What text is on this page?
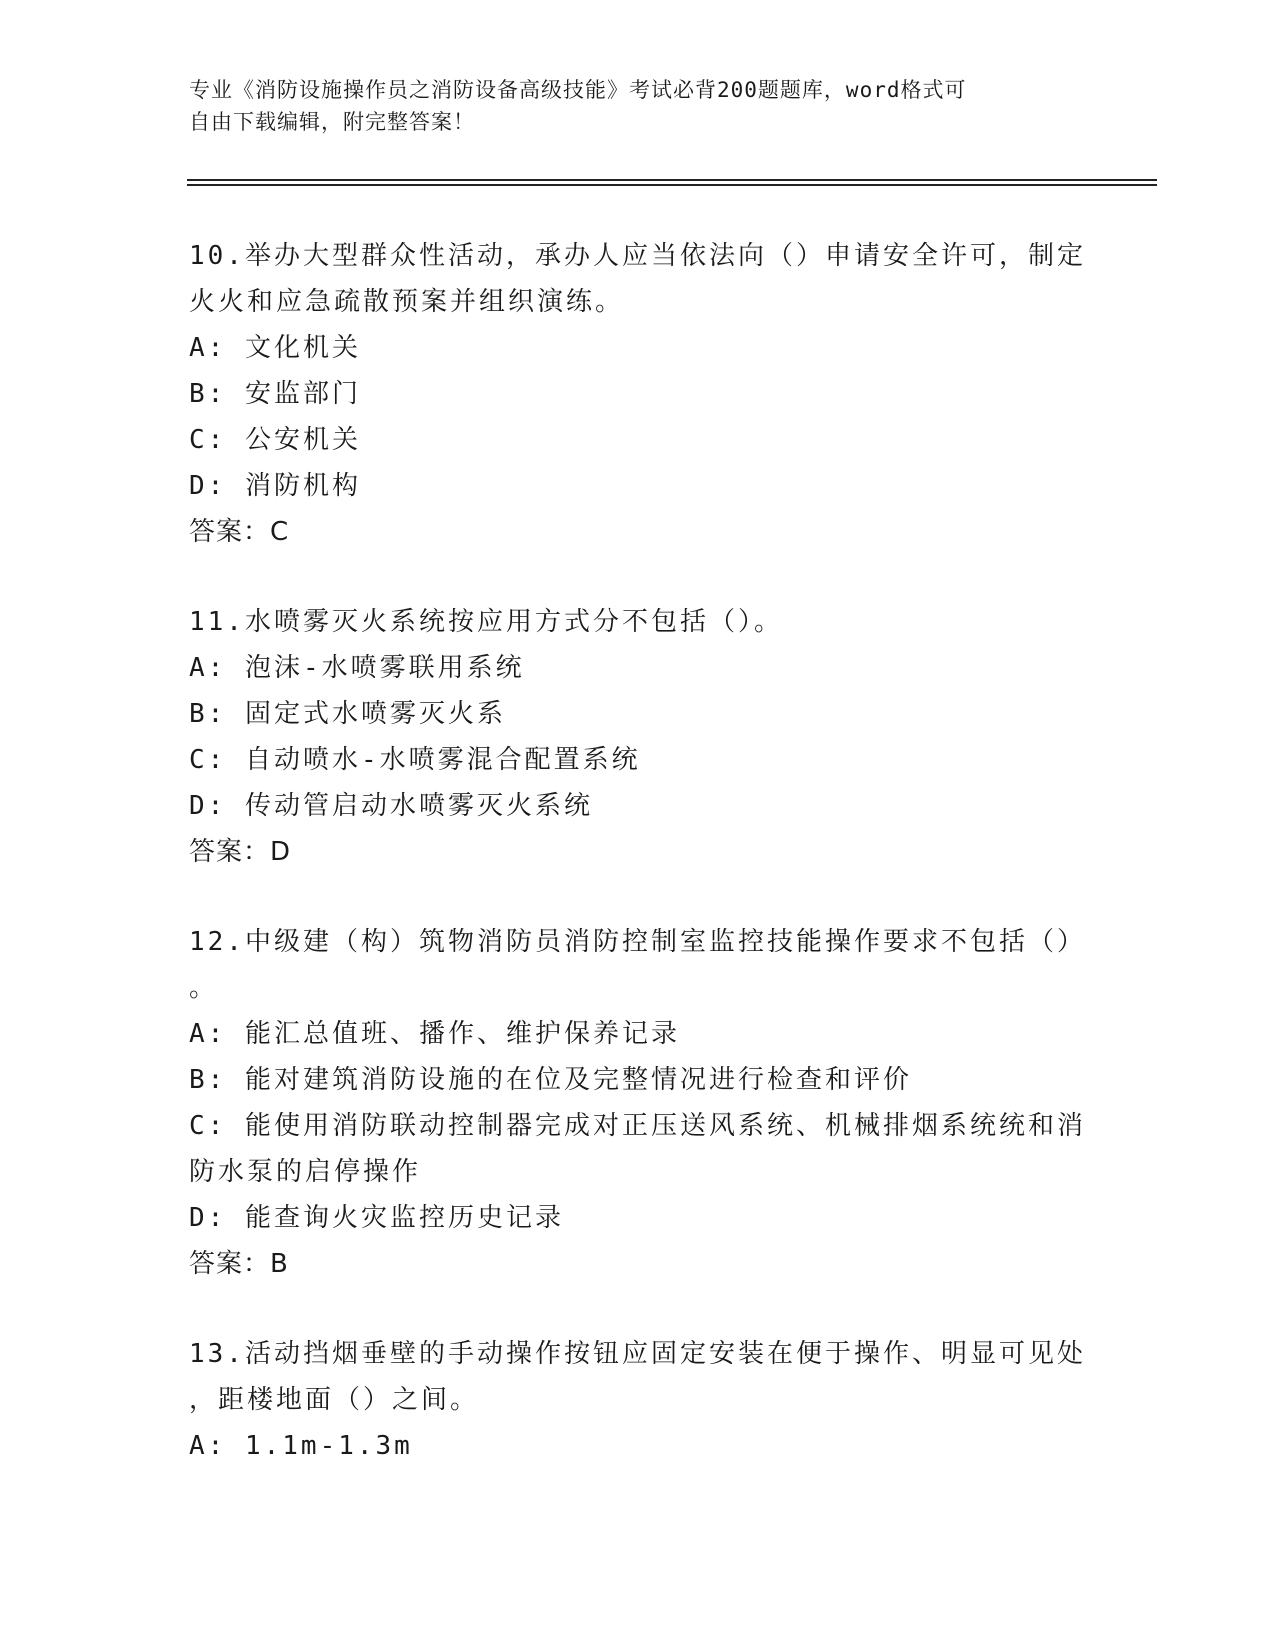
专业《消防设施操作员之消防设备高级技能》考试必背200题题库，word格式可
自由下载编辑，附完整答案！
10.举办大型群众性活动，承办人应当依法向（）申请安全许可，制定
火火和应急疏散预案并组织演练。
A: 文化机关
B: 安监部门
C: 公安机关
D: 消防机构
答案：C
11.水喷雾灭火系统按应用方式分不包括（）。
A: 泡沫-水喷雾联用系统
B: 固定式水喷雾灭火系
C: 自动喷水-水喷雾混合配置系统
D: 传动管启动水喷雾灭火系统
答案：D
12.中级建（构）筑物消防员消防控制室监控技能操作要求不包括（）
。
A: 能汇总值班、播作、维护保养记录
B: 能对建筑消防设施的在位及完整情况进行检查和评价
C: 能使用消防联动控制器完成对正压送风系统、机械排烟系统统和消
防水泵的启停操作
D: 能查询火灾监控历史记录
答案：B
13.活动挡烟垂壁的手动操作按钮应固定安装在便于操作、明显可见处
，距楼地面（）之间。
A: 1.1m-1.3m
